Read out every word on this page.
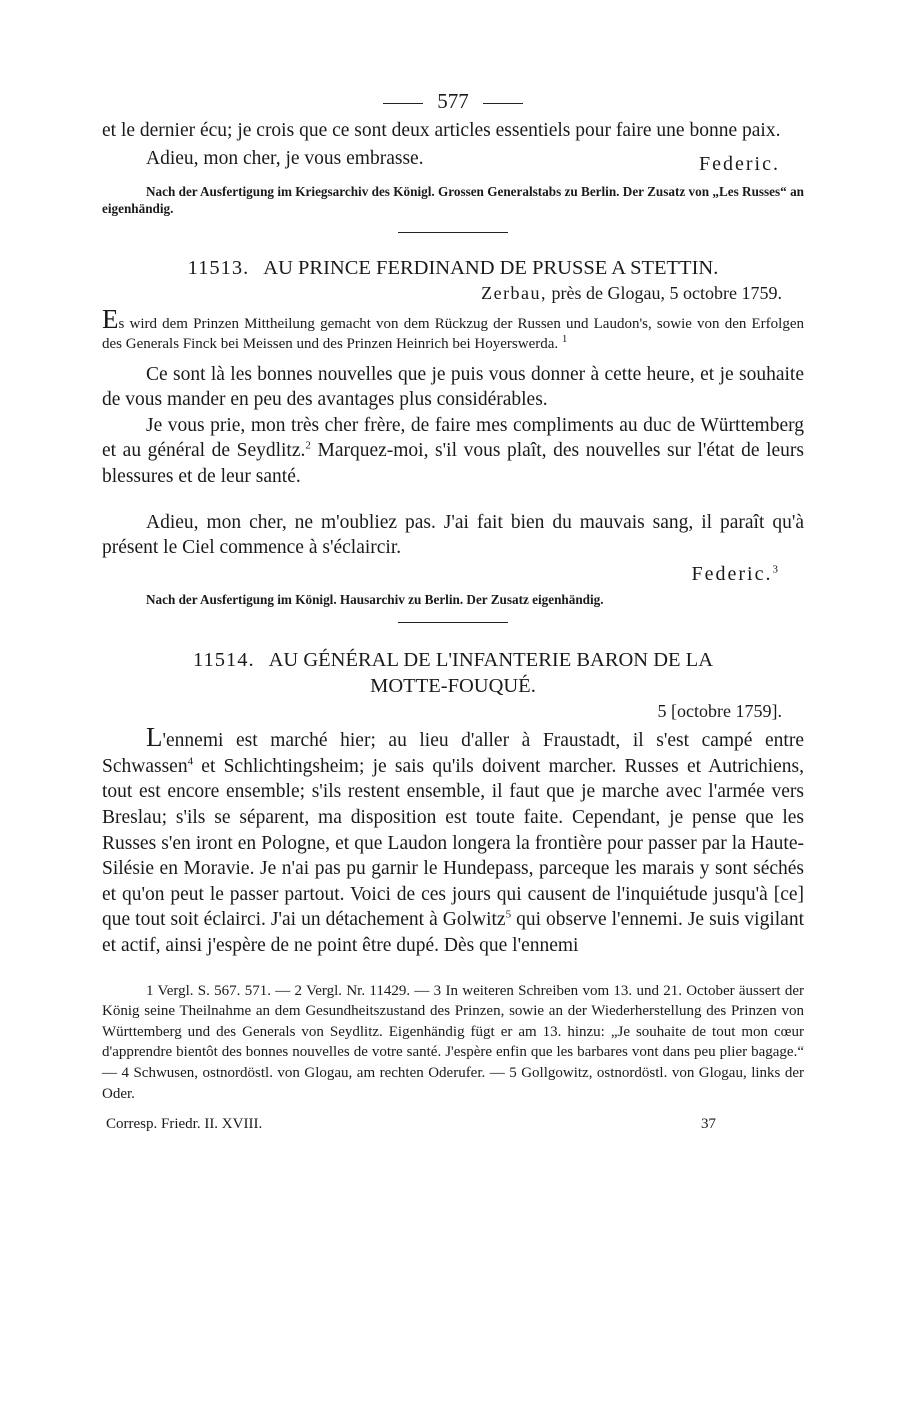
577

et le dernier écu; je crois que ce sont deux articles essentiels pour faire une bonne paix.

Adieu, mon cher, je vous embrasse.	Federic.

Nach der Ausfertigung im Kriegsarchiv des Königl. Grossen Generalstabs zu Berlin. Der Zusatz von „Les Russes“ an eigenhändig.

11513. AU PRINCE FERDINAND DE PRUSSE A STETTIN.

Zerbau, près de Glogau, 5 octobre 1759.

Es wird dem Prinzen Mittheilung gemacht von dem Rückzug der Russen und Laudon's, sowie von den Erfolgen des Generals Finck bei Meissen und des Prinzen Heinrich bei Hoyerswerda. $^1$

Ce sont là les bonnes nouvelles que je puis vous donner à cette heure, et je souhaite de vous mander en peu des avantages plus considérables.

Je vous prie, mon très cher frère, de faire mes compliments au duc de Württemberg et au général de Seydlitz.$^2$ Marquez-moi, s'il vous plaît, des nouvelles sur l'état de leurs blessures et de leur santé.

Adieu, mon cher, ne m'oubliez pas. J'ai fait bien du mauvais sang, il paraît qu'à présent le Ciel commence à s'éclaircir.

Federic.$^3$

Nach der Ausfertigung im Königl. Hausarchiv zu Berlin. Der Zusatz eigenhändig.

11514. AU GÉNÉRAL DE L'INFANTERIE BARON DE LA
MOTTE-FOUQUÉ.

5 [octobre 1759].

L'ennemi est marché hier; au lieu d'aller à Fraustadt, il s'est campé entre Schwassen$^4$ et Schlichtingsheim; je sais qu'ils doivent marcher. Russes et Autrichiens, tout est encore ensemble; s'ils restent ensemble, il faut que je marche avec l'armée vers Breslau; s'ils se séparent, ma disposition est toute faite. Cependant, je pense que les Russes s'en iront en Pologne, et que Laudon longera la frontière pour passer par la Haute-Silésie en Moravie. Je n'ai pas pu garnir le Hundepass, parceque les marais y sont séchés et qu'on peut le passer partout. Voici de ces jours qui causent de l'inquiétude jusqu'à [ce] que tout soit éclairci. J'ai un détachement à Golwitz$^5$ qui observe l'ennemi. Je suis vigilant et actif, ainsi j'espère de ne point être dupé. Dès que l'ennemi

1 Vergl. S. 567. 571. — 2 Vergl. Nr. 11429. — 3 In weiteren Schreiben vom 13. und 21. October äussert der König seine Theilnahme an dem Gesundheitszustand des Prinzen, sowie an der Wiederherstellung des Prinzen von Württemberg und des Generals von Seydlitz. Eigenhändig fügt er am 13. hinzu: „Je souhaite de tout mon cœur d'apprendre bientôt des bonnes nouvelles de votre santé. J'espère enfin que les barbares vont dans peu plier bagage.“ — 4 Schwusen, ostnordöstl. von Glogau, am rechten Oderufer. — 5 Gollgowitz, ostnordöstl. von Glogau, links der Oder.

Corresp. Friedr. II. XVIII.	37
